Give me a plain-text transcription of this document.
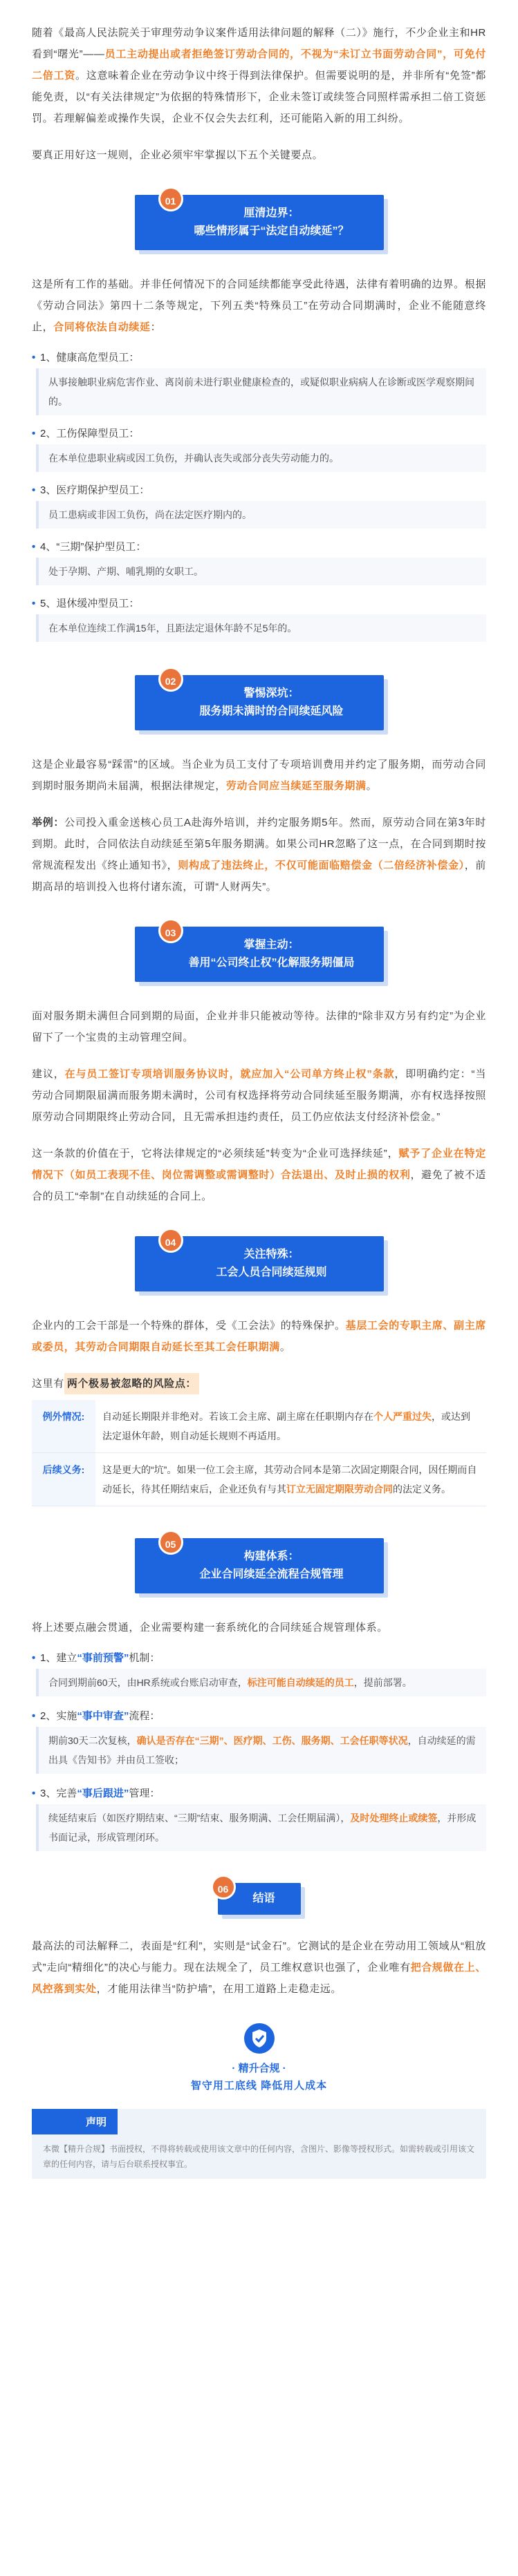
随着《最高人民法院关于审理劳动争议案件适用法律问题的解释（二）》施行，不少企业主和HR看到“曙光”——员工主动提出或者拒绝签订劳动合同的，不视为“未订立书面劳动合同”，可免付二倍工资。这意味着企业在劳动争议中终于得到法律保护。但需要说明的是，并非所有“免签”都能免责，以“有关法律规定”为依据的特殊情形下，企业未签订或续签合同照样需承担二倍工资惩罚。若理解偏差或操作失误，企业不仅会失去红利，还可能陷入新的用工纠纷。

要真正用好这一规则，企业必须牢牢掌握以下五个关键要点。

01
厘清边界：
哪些情形属于“法定自动续延”？

这是所有工作的基础。并非任何情况下的合同延续都能享受此待遇，法律有着明确的边界。根据《劳动合同法》第四十二条等规定，下列五类“特殊员工”在劳动合同期满时，企业不能随意终止，合同将依法自动续延：

• 1、健康高危型员工：
从事接触职业病危害作业、离岗前未进行职业健康检查的，或疑似职业病病人在诊断或医学观察期间的。
• 2、工伤保障型员工：
在本单位患职业病或因工负伤，并确认丧失或部分丧失劳动能力的。
• 3、医疗期保护型员工：
员工患病或非因工负伤，尚在法定医疗期内的。
• 4、“三期”保护型员工：
处于孕期、产期、哺乳期的女职工。
• 5、退休缓冲型员工：
在本单位连续工作满15年，且距法定退休年龄不足5年的。
02
警惕深坑：
服务期未满时的合同续延风险

这是企业最容易“踩雷”的区域。当企业为员工支付了专项培训费用并约定了服务期，而劳动合同到期时服务期尚未届满，根据法律规定，劳动合同应当续延至服务期满。

举例：公司投入重金送核心员工A赴海外培训，并约定服务期5年。然而，原劳动合同在第3年时到期。此时，合同依法自动续延至第5年服务期满。如果公司HR忽略了这一点，在合同到期时按常规流程发出《终止通知书》，则构成了违法终止，不仅可能面临赔偿金（二倍经济补偿金），前期高昂的培训投入也将付诸东流，可谓“人财两失”。

03
掌握主动：
善用“公司终止权”化解服务期僵局

面对服务期未满但合同到期的局面，企业并非只能被动等待。法律的“除非双方另有约定”为企业留下了一个宝贵的主动管理空间。

建议，在与员工签订专项培训服务协议时，就应加入“公司单方终止权”条款，即明确约定：“当劳动合同期限届满而服务期未满时，公司有权选择将劳动合同续延至服务期满，亦有权选择按照原劳动合同期限终止劳动合同，且无需承担违约责任，员工仍应依法支付经济补偿金。”

这一条款的价值在于，它将法律规定的“必须续延”转变为“企业可选择续延”，赋予了企业在特定情况下（如员工表现不佳、岗位需调整或需调整时）合法退出、及时止损的权利，避免了被不适合的员工“牵制”在自动续延的合同上。

04
关注特殊：
工会人员合同续延规则

企业内的工会干部是一个特殊的群体，受《工会法》的特殊保护。基层工会的专职主席、副主席或委员，其劳动合同期限自动延长至其工会任职期满。

这里有 两个极易被忽略的风险点：

例外情况:	自动延长期限并非绝对。若该工会主席、副主席在任职期内存在个人严重过失，或达到法定退休年龄，则自动延长规则不再适用。
后续义务:	这是更大的“坑”。如果一位工会主席，其劳动合同本是第二次固定期限合同，因任期而自动延长，待其任期结束后，企业还负有与其订立无固定期限劳动合同的法定义务。
05
构建体系：
企业合同续延全流程合规管理

将上述要点融会贯通，企业需要构建一套系统化的合同续延合规管理体系。

• 1、建立“事前预警”机制：
合同到期前60天，由HR系统或台账启动审查，标注可能自动续延的员工，提前部署。
• 2、实施“事中审查”流程：
期前30天二次复核，确认是否存在“三期”、医疗期、工伤、服务期、工会任职等状况，自动续延的需出具《告知书》并由员工签收；
• 3、完善“事后跟进”管理：
续延结束后（如医疗期结束、“三期”结束、服务期满、工会任期届满），及时处理终止或续签，并形成书面记录，形成管理闭环。
06
结语

最高法的司法解释二，表面是“红利”，实则是“试金石”。它测试的是企业在劳动用工领域从“粗放式”走向“精细化”的决心与能力。现在法规全了，员工维权意识也强了，企业唯有把合规做在上、风控落到实处，才能用法律当“防护墙”，在用工道路上走稳走远。

· 精升合规 ·
智守用工底线 降低用人成本
声明
本微【精升合规】书面授权，不得将转载或使用该文章中的任何内容，含图片、影像等授权形式。如需转载或引用该文章的任何内容，请与后台联系授权事宜。
